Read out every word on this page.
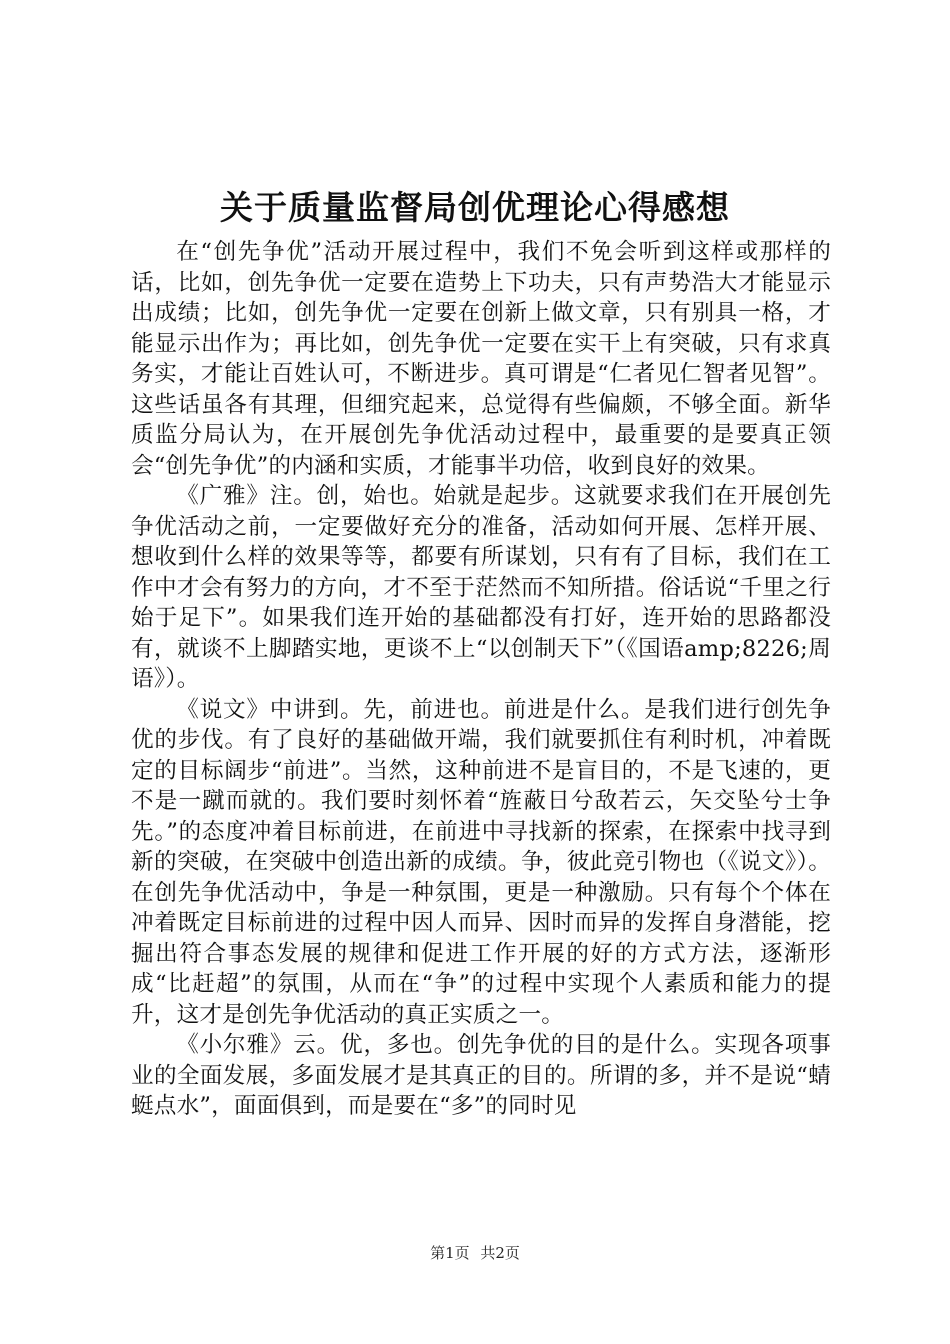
关于质量监督局创优理论心得感想

在“创先争优”活动开展过程中，我们不免会听到这样或那样的话，比如，创先争优一定要在造势上下功夫，只有声势浩大才能显示出成绩；比如，创先争优一定要在创新上做文章，只有别具一格，才能显示出作为；再比如，创先争优一定要在实干上有突破，只有求真务实，才能让百姓认可，不断进步。真可谓是“仁者见仁智者见智”。这些话虽各有其理，但细究起来，总觉得有些偏颇，不够全面。新华质监分局认为，在开展创先争优活动过程中，最重要的是要真正领会“创先争优”的内涵和实质，才能事半功倍，收到良好的效果。

《广雅》注。创，始也。始就是起步。这就要求我们在开展创先争优活动之前，一定要做好充分的准备，活动如何开展、怎样开展、想收到什么样的效果等等，都要有所谋划，只有有了目标，我们在工作中才会有努力的方向，才不至于茫然而不知所措。俗话说“千里之行始于足下”。如果我们连开始的基础都没有打好，连开始的思路都没有，就谈不上脚踏实地，更谈不上“以创制天下”（《国语amp;8226;周语》）。

《说文》中讲到。先，前进也。前进是什么。是我们进行创先争优的步伐。有了良好的基础做开端，我们就要抓住有利时机，冲着既定的目标阔步“前进”。当然，这种前进不是盲目的，不是飞速的，更不是一蹴而就的。我们要时刻怀着“旌蔽日兮敌若云，矢交坠兮士争先。”的态度冲着目标前进，在前进中寻找新的探索，在探索中找寻到新的突破，在突破中创造出新的成绩。争，彼此竞引物也（《说文》）。在创先争优活动中，争是一种氛围，更是一种激励。只有每个个体在冲着既定目标前进的过程中因人而异、因时而异的发挥自身潜能，挖掘出符合事态发展的规律和促进工作开展的好的方式方法，逐渐形成“比赶超”的氛围，从而在“争”的过程中实现个人素质和能力的提升，这才是创先争优活动的真正实质之一。

《小尔雅》云。优，多也。创先争优的目的是什么。实现各项事业的全面发展，多面发展才是其真正的目的。所谓的多，并不是说“蜻蜓点水”，面面俱到，而是要在“多”的同时见

第1页 共2页
